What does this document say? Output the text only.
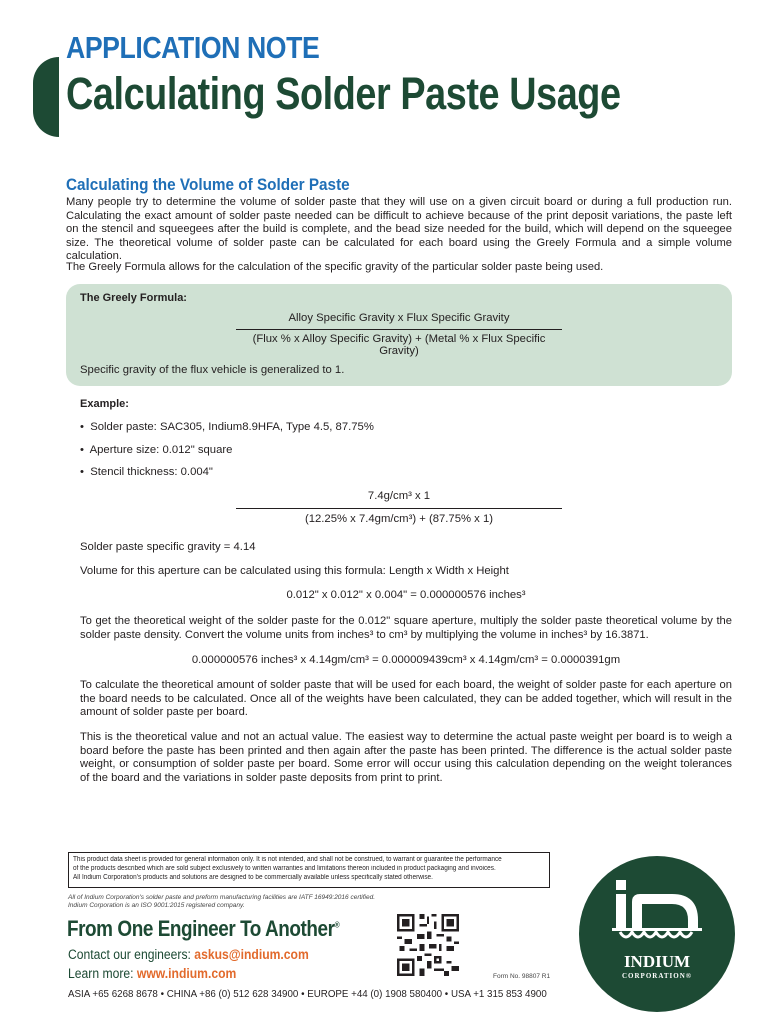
APPLICATION NOTE
Calculating Solder Paste Usage
Calculating the Volume of Solder Paste
Many people try to determine the volume of solder paste that they will use on a given circuit board or during a full production run. Calculating the exact amount of solder paste needed can be difficult to achieve because of the print deposit variations, the paste left on the stencil and squeegees after the build is complete, and the bead size needed for the build, which will depend on the squeegee size. The theoretical volume of solder paste can be calculated for each board using the Greely Formula and a simple volume calculation.
The Greely Formula allows for the calculation of the specific gravity of the particular solder paste being used.
The Greely Formula:
Alloy Specific Gravity x Flux Specific Gravity
(Flux % x Alloy Specific Gravity) + (Metal % x Flux Specific Gravity)
Specific gravity of the flux vehicle is generalized to 1.
Example:
•  Solder paste: SAC305, Indium8.9HFA, Type 4.5, 87.75%
•  Aperture size: 0.012" square
•  Stencil thickness: 0.004"
7.4g/cm³ x 1
(12.25% x 7.4gm/cm³) + (87.75% x 1)
Solder paste specific gravity = 4.14
Volume for this aperture can be calculated using this formula: Length x Width x Height
0.012" x 0.012" x 0.004" = 0.000000576 inches³
To get the theoretical weight of the solder paste for the 0.012" square aperture, multiply the solder paste theoretical volume by the solder paste density. Convert the volume units from inches³ to cm³ by multiplying the volume in inches³ by 16.3871.
0.000000576 inches³ x 4.14gm/cm³ = 0.000009439cm³ x 4.14gm/cm³ = 0.0000391gm
To calculate the theoretical amount of solder paste that will be used for each board, the weight of solder paste for each aperture on the board needs to be calculated. Once all of the weights have been calculated, they can be added together, which will result in the amount of solder paste per board.
This is the theoretical value and not an actual value. The easiest way to determine the actual paste weight per board is to weigh a board before the paste has been printed and then again after the paste has been printed. The difference is the actual solder paste weight, or consumption of solder paste per board. Some error will occur using this calculation depending on the weight tolerances of the board and the variations in solder paste deposits from print to print.
This product data sheet is provided for general information only. It is not intended, and shall not be construed, to warrant or guarantee the performance
of the products described which are sold subject exclusively to written warranties and limitations thereon included in product packaging and invoices.
All Indium Corporation's products and solutions are designed to be commercially available unless specifically stated otherwise.
All of Indium Corporation's solder paste and preform manufacturing facilities are IATF 16949:2016 certified.
Indium Corporation is an ISO 9001:2015 registered company.
From One Engineer To Another®
Contact our engineers: askus@indium.com
Learn more: www.indium.com
ASIA +65 6268 8678 • CHINA +86 (0) 512 628 34900 • EUROPE +44 (0) 1908 580400 • USA +1 315 853 4900
Form No. 98807 R1
INDIUM
CORPORATION®
